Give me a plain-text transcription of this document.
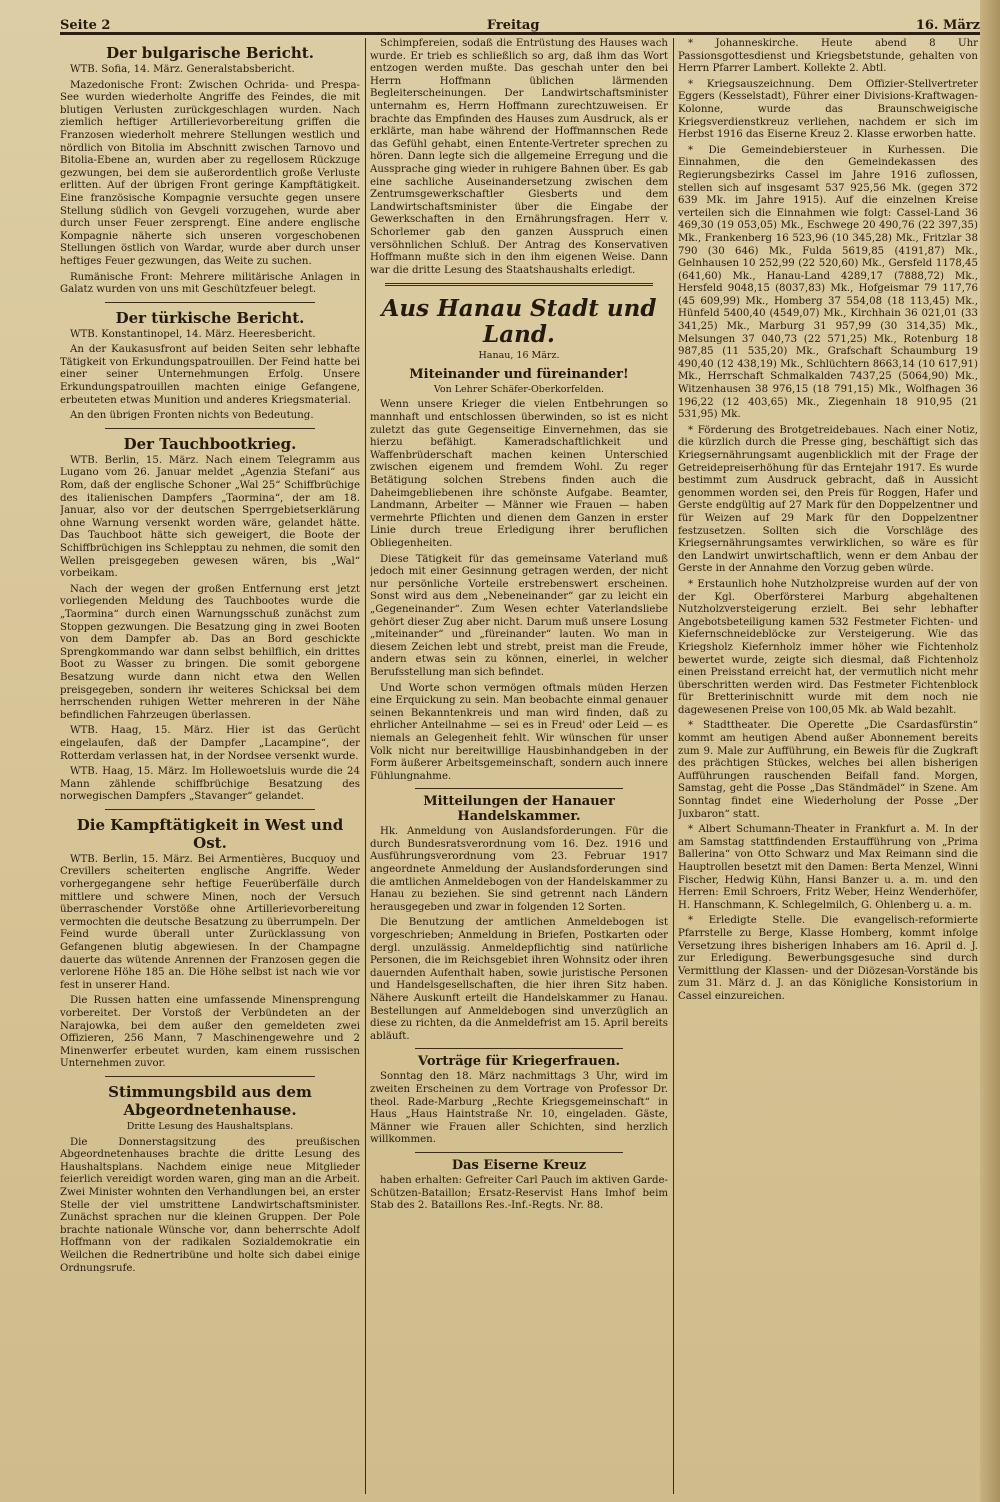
Seite 2	Freitag	16. März
Der bulgarische Bericht.

WTB. Sofia, 14. März. Generalstabsbericht.

Mazedonische Front: Zwischen Ochrida- und Prespa-See wurden wiederholte Angriffe des Feindes, die mit blutigen Verlusten zurückgeschlagen wurden. Nach ziemlich heftiger Artillerievorbereitung griffen die Franzosen wiederholt mehrere Stellungen westlich und nördlich von Bitolia im Abschnitt zwischen Tarnovo und Bitolia-Ebene an, wurden aber zu regellosem Rückzuge gezwungen, bei dem sie außerordentlich große Verluste erlitten. Auf der übrigen Front geringe Kampftätigkeit. Eine französische Kompagnie versuchte gegen unsere Stellung südlich von Gevgeli vorzugehen, wurde aber durch unser Feuer zersprengt. Eine andere englische Kompagnie näherte sich unseren vorgeschobenen Stellungen östlich von Wardar, wurde aber durch unser heftiges Feuer gezwungen, das Weite zu suchen.

Rumänische Front: Mehrere militärische Anlagen in Galatz wurden von uns mit Geschützfeuer belegt.

Der türkische Bericht.

WTB. Konstantinopel, 14. März. Heeresbericht.

An der Kaukasusfront auf beiden Seiten sehr lebhafte Tätigkeit von Erkundungspatrouillen. Der Feind hatte bei einer seiner Unternehmungen Erfolg. Unsere Erkundungspatrouillen machten einige Gefangene, erbeuteten etwas Munition und anderes Kriegsmaterial.

An den übrigen Fronten nichts von Bedeutung.

Der Tauchbootkrieg.

WTB. Berlin, 15. März. Nach einem Telegramm aus Lugano vom 26. Januar meldet „Agenzia Stefani“ aus Rom, daß der englische Schoner „Wal 25“ Schiffbrüchige des italienischen Dampfers „Taormina“, der am 18. Januar, also vor der deutschen Sperrgebietserklärung ohne Warnung versenkt worden wäre, gelandet hätte. Das Tauchboot hätte sich geweigert, die Boote der Schiffbrüchigen ins Schlepptau zu nehmen, die somit den Wellen preisgegeben gewesen wären, bis „Wal“ vorbeikam.

Nach der wegen der großen Entfernung erst jetzt vorliegenden Meldung des Tauchbootes wurde die „Taormina“ durch einen Warnungsschuß zunächst zum Stoppen gezwungen. Die Besatzung ging in zwei Booten von dem Dampfer ab. Das an Bord geschickte Sprengkommando war dann selbst behilflich, ein drittes Boot zu Wasser zu bringen. Die somit geborgene Besatzung wurde dann nicht etwa den Wellen preisgegeben, sondern ihr weiteres Schicksal bei dem herrschenden ruhigen Wetter mehreren in der Nähe befindlichen Fahrzeugen überlassen.

WTB. Haag, 15. März. Hier ist das Gerücht eingelaufen, daß der Dampfer „Lacampine“, der Rotterdam verlassen hat, in der Nordsee versenkt wurde.

WTB. Haag, 15. März. Im Hollewoetsluis wurde die 24 Mann zählende schiffbrüchige Besatzung des norwegischen Dampfers „Stavanger“ gelandet.

Die Kampftätigkeit in West und Ost.

WTB. Berlin, 15. März. Bei Armentières, Bucquoy und Crevillers scheiterten englische Angriffe. Weder vorhergegangene sehr heftige Feuerüberfälle durch mittlere und schwere Minen, noch der Versuch überraschender Vorstöße ohne Artillerievorbereitung vermochten die deutsche Besatzung zu überrumpeln. Der Feind wurde überall unter Zurücklassung von Gefangenen blutig abgewiesen. In der Champagne dauerte das wütende Anrennen der Franzosen gegen die verlorene Höhe 185 an. Die Höhe selbst ist nach wie vor fest in unserer Hand.

Die Russen hatten eine umfassende Minensprengung vorbereitet. Der Vorstoß der Verbündeten an der Narajowka, bei dem außer den gemeldeten zwei Offizieren, 256 Mann, 7 Maschinengewehre und 2 Minenwerfer erbeutet wurden, kam einem russischen Unternehmen zuvor.

Stimmungsbild aus dem Abgeordnetenhause.
Dritte Lesung des Haushaltsplans.

Die Donnerstagsitzung des preußischen Abgeordnetenhauses brachte die dritte Lesung des Haushaltsplans. Nachdem einige neue Mitglieder feierlich vereidigt worden waren, ging man an die Arbeit. Zwei Minister wohnten den Verhandlungen bei, an erster Stelle der viel umstrittene Landwirtschaftsminister. Zunächst sprachen nur die kleinen Gruppen. Der Pole brachte nationale Wünsche vor, dann beherrschte Adolf Hoffmann von der radikalen Sozialdemokratie ein Weilchen die Rednertribüne und holte sich dabei einige Ordnungsrufe.

Schimpfereien, sodaß die Entrüstung des Hauses wach wurde. Er trieb es schließlich so arg, daß ihm das Wort entzogen werden mußte. Das geschah unter den bei Herrn Hoffmann üblichen lärmenden Begleiterscheinungen. Der Landwirtschaftsminister unternahm es, Herrn Hoffmann zurechtzuweisen. Er brachte das Empfinden des Hauses zum Ausdruck, als er erklärte, man habe während der Hoffmannschen Rede das Gefühl gehabt, einen Entente-Vertreter sprechen zu hören. Dann legte sich die allgemeine Erregung und die Aussprache ging wieder in ruhigere Bahnen über. Es gab eine sachliche Auseinandersetzung zwischen dem Zentrumsgewerkschaftler Giesberts und dem Landwirtschaftsminister über die Eingabe der Gewerkschaften in den Ernährungsfragen. Herr v. Schorlemer gab den ganzen Ausspruch einen versöhnlichen Schluß. Der Antrag des Konservativen Hoffmann mußte sich in den ihm eigenen Weise. Dann war die dritte Lesung des Staatshaushalts erledigt.

Aus Hanau Stadt und Land.
Hanau, 16 März.
Miteinander und füreinander!
Von Lehrer Schäfer-Oberkorfelden.

Wenn unsere Krieger die vielen Entbehrungen so mannhaft und entschlossen überwinden, so ist es nicht zuletzt das gute Gegenseitige Einvernehmen, das sie hierzu befähigt. Kameradschaftlichkeit und Waffenbrüderschaft machen keinen Unterschied zwischen eigenem und fremdem Wohl. Zu reger Betätigung solchen Strebens finden auch die Daheimgebliebenen ihre schönste Aufgabe. Beamter, Landmann, Arbeiter — Männer wie Frauen — haben vermehrte Pflichten und dienen dem Ganzen in erster Linie durch treue Erledigung ihrer beruflichen Obliegenheiten.

Diese Tätigkeit für das gemeinsame Vaterland muß jedoch mit einer Gesinnung getragen werden, der nicht nur persönliche Vorteile erstrebenswert erscheinen. Sonst wird aus dem „Nebeneinander“ gar zu leicht ein „Gegeneinander“. Zum Wesen echter Vaterlandsliebe gehört dieser Zug aber nicht. Darum muß unsere Losung „miteinander“ und „füreinander“ lauten. Wo man in diesem Zeichen lebt und strebt, preist man die Freude, andern etwas sein zu können, einerlei, in welcher Berufsstellung man sich befindet.

Und Worte schon vermögen oftmals müden Herzen eine Erquickung zu sein. Man beobachte einmal genauer seinen Bekanntenkreis und man wird finden, daß zu ehrlicher Anteilnahme — sei es in Freud' oder Leid — es niemals an Gelegenheit fehlt. Wir wünschen für unser Volk nicht nur bereitwillige Hausbinhandgeben in der Form äußerer Arbeitsgemeinschaft, sondern auch innere Fühlungnahme.

Mitteilungen der Hanauer Handelskammer.

Hk. Anmeldung von Auslandsforderungen. Für die durch Bundesratsverordnung vom 16. Dez. 1916 und Ausführungsverordnung vom 23. Februar 1917 angeordnete Anmeldung der Auslandsforderungen sind die amtlichen Anmeldebogen von der Handelskammer zu Hanau zu beziehen. Sie sind getrennt nach Ländern herausgegeben und zwar in folgenden 12 Sorten.

Die Benutzung der amtlichen Anmeldebogen ist vorgeschrieben; Anmeldung in Briefen, Postkarten oder dergl. unzulässig. Anmeldepflichtig sind natürliche Personen, die im Reichsgebiet ihren Wohnsitz oder ihren dauernden Aufenthalt haben, sowie juristische Personen und Handelsgesellschaften, die hier ihren Sitz haben. Nähere Auskunft erteilt die Handelskammer zu Hanau. Bestellungen auf Anmeldebogen sind unverzüglich an diese zu richten, da die Anmeldefrist am 15. April bereits abläuft.

Vorträge für Kriegerfrauen.

Sonntag den 18. März nachmittags 3 Uhr, wird im zweiten Erscheinen zu dem Vortrage von Professor Dr. theol. Rade-Marburg „Rechte Kriegsgemeinschaft“ in Haus „Haus Haintstraße Nr. 10, eingeladen. Gäste, Männer wie Frauen aller Schichten, sind herzlich willkommen.

Das Eiserne Kreuz

haben erhalten: Gefreiter Carl Pauch im aktiven Garde-Schützen-Bataillon; Ersatz-Reservist Hans Imhof beim Stab des 2. Bataillons Res.-Inf.-Regts. Nr. 88.

* Johanneskirche. Heute abend 8 Uhr Passionsgottesdienst und Kriegsbetstunde, gehalten von Herrn Pfarrer Lambert. Kollekte 2. Abtl.

* Kriegsauszeichnung. Dem Offizier-Stellvertreter Eggers (Kesselstadt), Führer einer Divisions-Kraftwagen-Kolonne, wurde das Braunschweigische Kriegsverdienstkreuz verliehen, nachdem er sich im Herbst 1916 das Eiserne Kreuz 2. Klasse erworben hatte.

* Die Gemeindebiersteuer in Kurhessen. Die Einnahmen, die den Gemeindekassen des Regierungsbezirks Cassel im Jahre 1916 zuflossen, stellen sich auf insgesamt 537 925,56 Mk. (gegen 372 639 Mk. im Jahre 1915). Auf die einzelnen Kreise verteilen sich die Einnahmen wie folgt: Cassel-Land 36 469,30 (19 053,05) Mk., Eschwege 20 490,76 (22 397,35) Mk., Frankenberg 16 523,96 (10 345,28) Mk., Fritzlar 38 790 (30 646) Mk., Fulda 5619,85 (4191,87) Mk., Gelnhausen 10 252,99 (22 520,60) Mk., Gersfeld 1178,45 (641,60) Mk., Hanau-Land 4289,17 (7888,72) Mk., Hersfeld 9048,15 (8037,83) Mk., Hofgeismar 79 117,76 (45 609,99) Mk., Homberg 37 554,08 (18 113,45) Mk., Hünfeld 5400,40 (4549,07) Mk., Kirchhain 36 021,01 (33 341,25) Mk., Marburg 31 957,99 (30 314,35) Mk., Melsungen 37 040,73 (22 571,25) Mk., Rotenburg 18 987,85 (11 535,20) Mk., Grafschaft Schaumburg 19 490,40 (12 438,19) Mk., Schlüchtern 8663,14 (10 617,91) Mk., Herrschaft Schmalkalden 7437,25 (5064,90) Mk., Witzenhausen 38 976,15 (18 791,15) Mk., Wolfhagen 36 196,22 (12 403,65) Mk., Ziegenhain 18 910,95 (21 531,95) Mk.

* Förderung des Brotgetreidebaues. Nach einer Notiz, die kürzlich durch die Presse ging, beschäftigt sich das Kriegsernährungsamt augenblicklich mit der Frage der Getreidepreiserhöhung für das Erntejahr 1917. Es wurde bestimmt zum Ausdruck gebracht, daß in Aussicht genommen worden sei, den Preis für Roggen, Hafer und Gerste endgültig auf 27 Mark für den Doppelzentner und für Weizen auf 29 Mark für den Doppelzentner festzusetzen. Sollten sich die Vorschläge des Kriegsernährungsamtes verwirklichen, so wäre es für den Landwirt unwirtschaftlich, wenn er dem Anbau der Gerste in der Annahme den Vorzug geben würde.

* Erstaunlich hohe Nutzholzpreise wurden auf der von der Kgl. Oberförsterei Marburg abgehaltenen Nutzholzversteigerung erzielt. Bei sehr lebhafter Angebotsbeteiligung kamen 532 Festmeter Fichten- und Kiefernschneideblöcke zur Versteigerung. Wie das Kriegsholz Kiefernholz immer höher wie Fichtenholz bewertet wurde, zeigte sich diesmal, daß Fichtenholz einen Preisstand erreicht hat, der vermutlich nicht mehr überschritten werden wird. Das Festmeter Fichtenblock für Bretterinischnitt wurde mit dem noch nie dagewesenen Preise von 100,05 Mk. ab Wald bezahlt.

* Stadttheater. Die Operette „Die Csardasfürstin“ kommt am heutigen Abend außer Abonnement bereits zum 9. Male zur Aufführung, ein Beweis für die Zugkraft des prächtigen Stückes, welches bei allen bisherigen Aufführungen rauschenden Beifall fand. Morgen, Samstag, geht die Posse „Das Ständmädel“ in Szene. Am Sonntag findet eine Wiederholung der Posse „Der Juxbaron“ statt.

* Albert Schumann-Theater in Frankfurt a. M. In der am Samstag stattfindenden Erstaufführung von „Prima Ballerina“ von Otto Schwarz und Max Reimann sind die Hauptrollen besetzt mit den Damen: Berta Menzel, Winni Fischer, Hedwig Kühn, Hansi Banzer u. a. m. und den Herren: Emil Schroers, Fritz Weber, Heinz Wenderhöfer, H. Hanschmann, K. Schlegelmilch, G. Ohlenberg u. a. m.

* Erledigte Stelle. Die evangelisch-reformierte Pfarrstelle zu Berge, Klasse Homberg, kommt infolge Versetzung ihres bisherigen Inhabers am 16. April d. J. zur Erledigung. Bewerbungsgesuche sind durch Vermittlung der Klassen- und der Diözesan-Vorstände bis zum 31. März d. J. an das Königliche Konsistorium in Cassel einzureichen.
